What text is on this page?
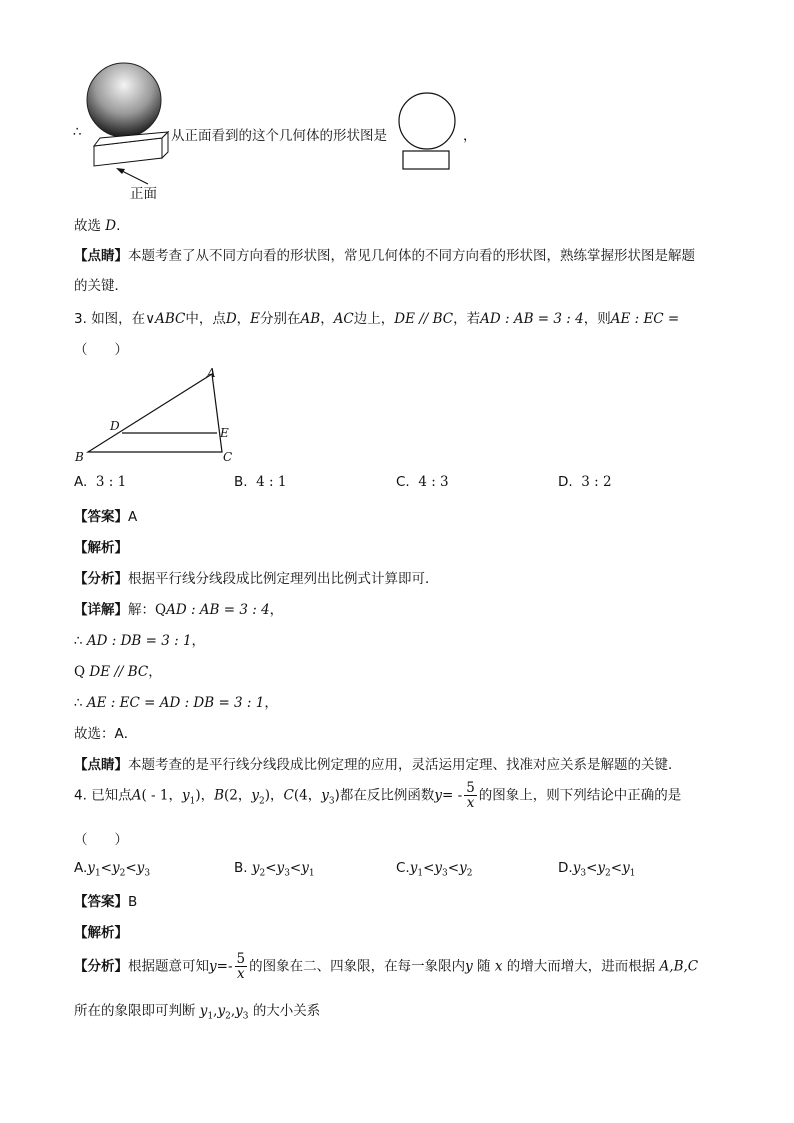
正面
∴	从正面看到的这个几何体的形状图是	，
故选 D.
【点睛】本题考查了从不同方向看的形状图，常见几何体的不同方向看的形状图，熟练掌握形状图是解题
的关键．
3. 如图，在∨ABC中，点D，E分别在AB，AC边上，DE // BC，若AD : AB = 3 : 4，则AE : EC =
（　　）
A
B	C
D	E
A. 3 : 1	B. 4 : 1	C. 4 : 3	D. 3 : 2
【答案】A
【解析】
【分析】根据平行线分线段成比例定理列出比例式计算即可．
【详解】解：QAD : AB = 3 : 4，
∴ AD : DB = 3 : 1，
Q DE // BC，
∴ AE : EC = AD : DB = 3 : 1，
故选：A．
【点睛】本题考查的是平行线分线段成比例定理的应用，灵活运用定理、找准对应关系是解题的关键．
4. 已知点A( - 1，$y_1$)，B(2，$y_2$)，C(4，$y_3$)都在反比例函数$y= - \frac{5}{x}$ 的图象上，则下列结论中正确的是
（　　）
$A.y_1<y_2<y_3$	B. $y_2<y_3<y_1$	$C.y_1<y_3<y_2$	$D.y_3<y_2<y_1$
【答案】B
【解析】
【分析】根据题意可知$y=- \frac{5}{x}$ 的图象在二、四象限，在每一象限内y 随 x 的增大而增大，进而根据 A,B,C
所在的象限即可判断 $y_1,y_2,y_3$ 的大小关系
